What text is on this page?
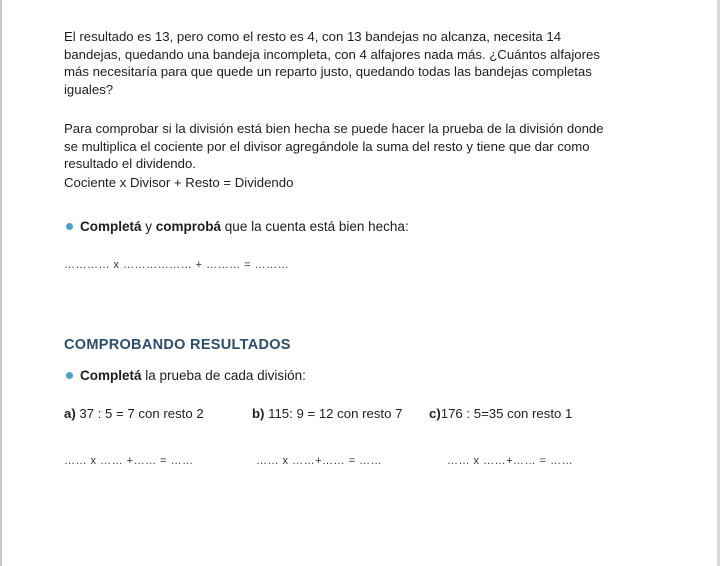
El resultado es 13, pero como el resto es 4, con 13 bandejas no alcanza, necesita 14 bandejas, quedando una bandeja incompleta, con 4 alfajores nada más. ¿Cuántos alfajores más necesitaría para que quede un reparto justo, quedando todas las bandejas completas iguales?

Para comprobar si la división está bien hecha se puede hacer la prueba de la división donde se multiplica el cociente por el divisor agregándole la suma del resto y tiene que dar como resultado el dividendo.

Cociente x Divisor + Resto = Dividendo
Completá y comprobá que la cuenta está bien hecha:
………… x ……………… + ……… = ………
COMPROBANDO RESULTADOS
Completá la prueba de cada división:
a) 37 : 5 = 7 con resto 2	b) 115: 9 = 12 con resto 7 c)176 : 5=35 con resto 1
…… x …… +…… = ……	…… x ……+…… = ……	…… x ……+…… = ……
